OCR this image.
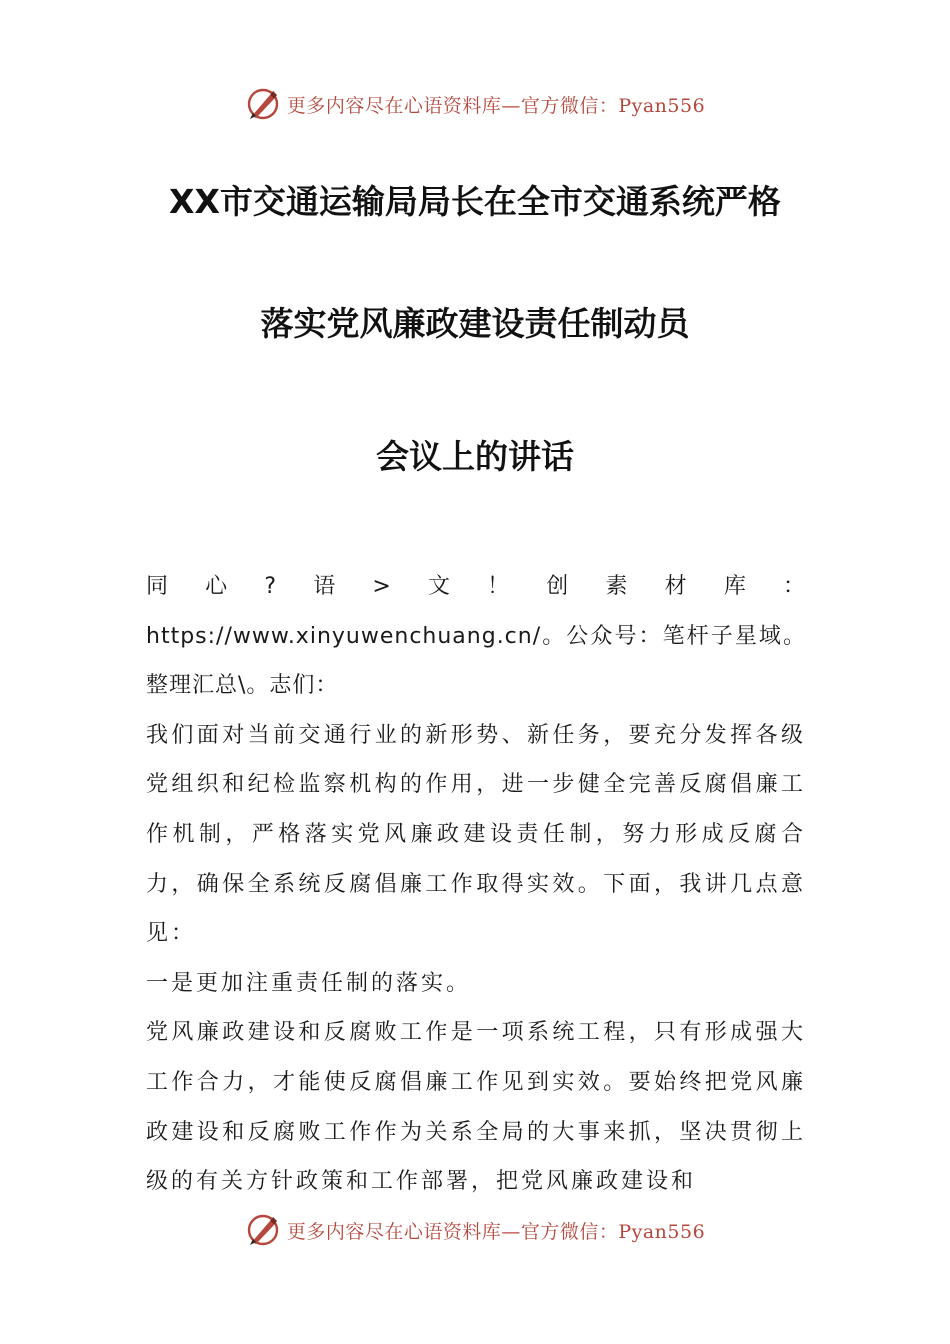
更多内容尽在心语资料库—官方微信：Pyan556
XX市交通运输局局长在全市交通系统严格
落实党风廉政建设责任制动员
会议上的讲话

同心?语>文！创素材库：https://www.xinyuwenchuang.cn/。公众号：笔杆子星域。整理汇总\。志们：

我们面对当前交通行业的新形势、新任务，要充分发挥各级党组织和纪检监察机构的作用，进一步健全完善反腐倡廉工作机制，严格落实党风廉政建设责任制，努力形成反腐合力，确保全系统反腐倡廉工作取得实效。下面，我讲几点意见：

一是更加注重责任制的落实。

党风廉政建设和反腐败工作是一项系统工程，只有形成强大工作合力，才能使反腐倡廉工作见到实效。要始终把党风廉政建设和反腐败工作作为关系全局的大事来抓，坚决贯彻上级的有关方针政策和工作部署，把党风廉政建设和

更多内容尽在心语资料库—官方微信：Pyan556
